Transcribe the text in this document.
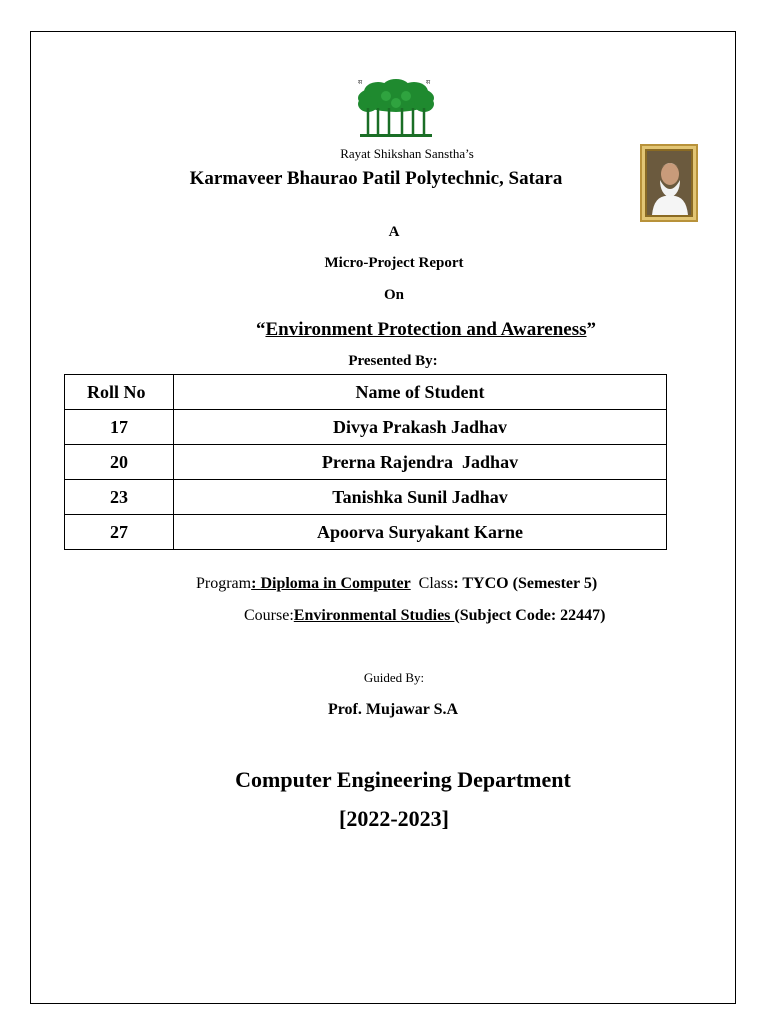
स	स
Rayat Shikshan Sanstha’s
Karmaveer Bhaurao Patil Polytechnic, Satara
A
Micro-Project Report
On
“Environment Protection and Awareness”
Presented By:
Roll No	Name of Student
17	Divya Prakash Jadhav
20	Prerna Rajendra  Jadhav
23	Tanishka Sunil Jadhav
27	Apoorva Suryakant Karne
Program: Diploma in Computer Class: TYCO (Semester 5)
Course:Environmental Studies (Subject Code: 22447)
Guided By:
Prof. Mujawar S.A
Computer Engineering Department
[2022-2023]
